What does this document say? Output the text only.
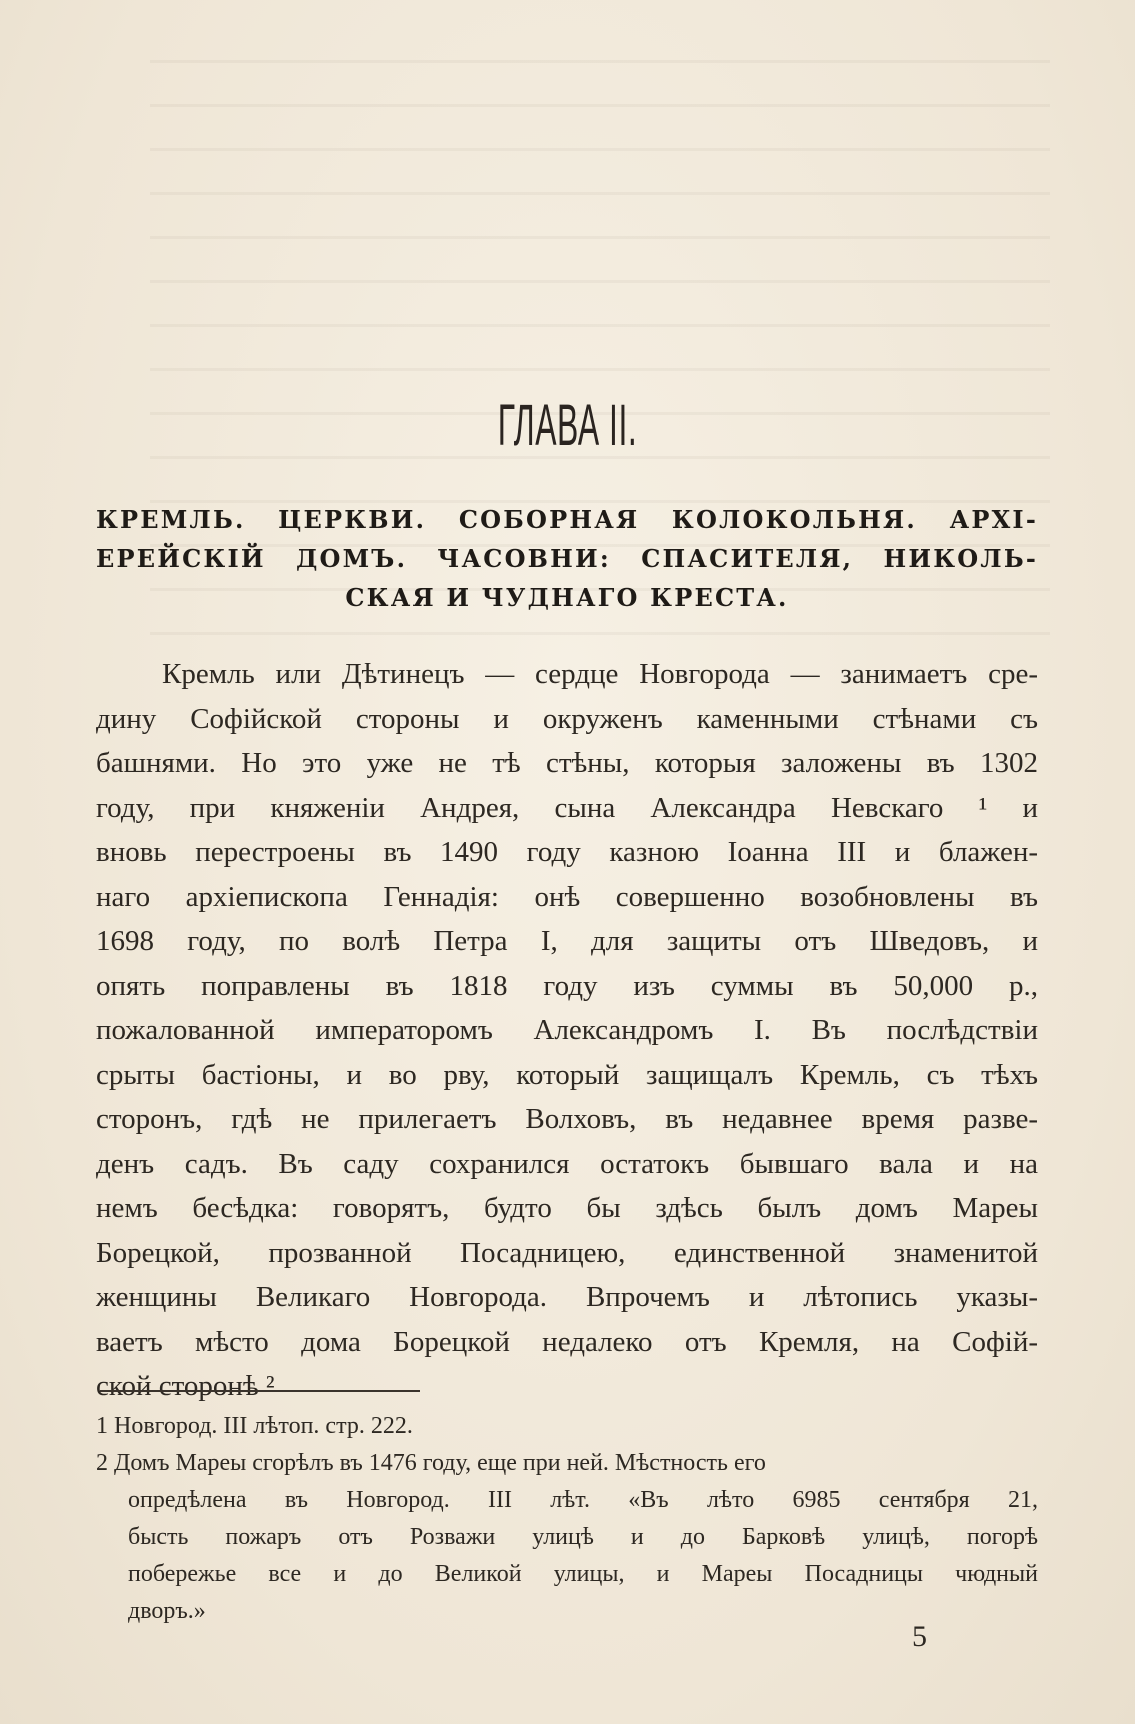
ГЛАВА II.
КРЕМЛЬ. ЦЕРКВИ. СОБОРНАЯ КОЛОКОЛЬНЯ. АРХІ-
ЕРЕЙСКІЙ ДОМЪ. ЧАСОВНИ: СПАСИТЕЛЯ, НИКОЛЬ-
СКАЯ И ЧУДНАГО КРЕСТА.
Кремль или Дѣтинецъ — сердце Новгорода — занимаетъ сре-
дину Софійской стороны и окруженъ каменными стѣнами съ
башнями. Но это уже не тѣ стѣны, которыя заложены въ 1302
году, при княженіи Андрея, сына Александра Невскаго ¹ и
вновь перестроены въ 1490 году казною Іоанна III и блажен-
наго архіепископа Геннадія: онѣ совершенно возобновлены въ
1698 году, по волѣ Петра I, для защиты отъ Шведовъ, и
опять поправлены въ 1818 году изъ суммы въ 50,000 р.,
пожалованной императоромъ Александромъ I. Въ послѣдствіи
срыты бастіоны, и во рву, который защищалъ Кремль, съ тѣхъ
сторонъ, гдѣ не прилегаетъ Волховъ, въ недавнее время разве-
денъ садъ. Въ саду сохранился остатокъ бывшаго вала и на
немъ бесѣдка: говорятъ, будто бы здѣсь былъ домъ Мареы
Борецкой, прозванной Посадницею, единственной знаменитой
женщины Великаго Новгорода. Впрочемъ и лѣтопись указы-
ваетъ мѣсто дома Борецкой недалеко отъ Кремля, на Софій-
ской сторонѣ ²
1 Новгород. III лѣтоп. стр. 222.
2 Домъ Мареы сгорѣлъ въ 1476 году, еще при ней. Мѣстность его
опредѣлена въ Новгород. III лѣт. «Въ лѣто 6985 сентября 21,
бысть пожаръ отъ Розважи улицѣ и до Барковѣ улицѣ, погорѣ
побережье все и до Великой улицы, и Мареы Посадницы чюдный
дворъ.»
5
